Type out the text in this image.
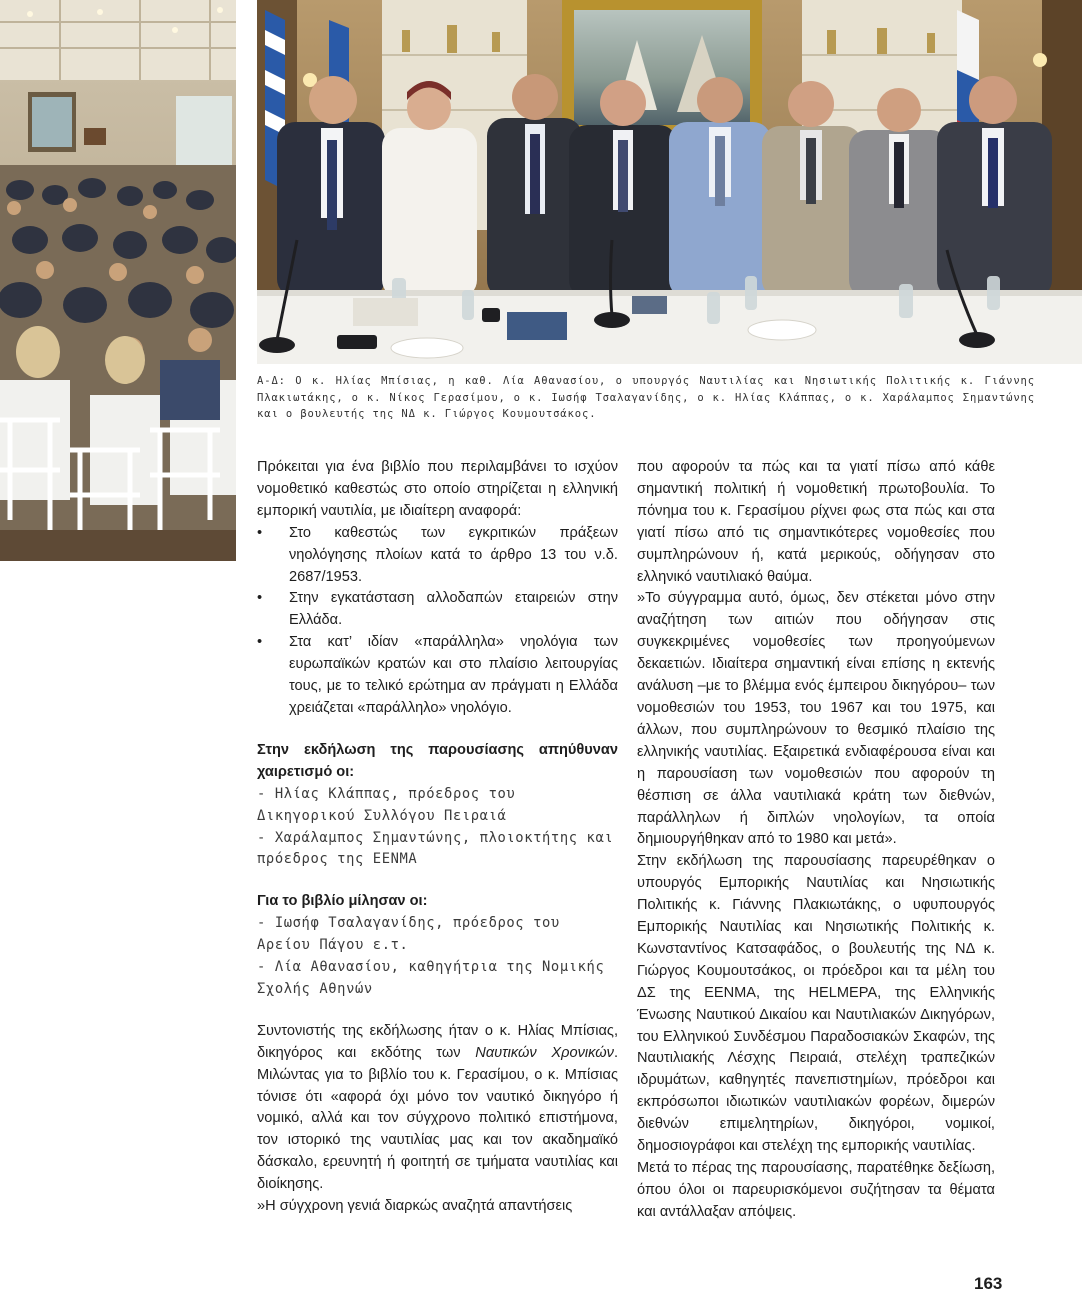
Α-Δ: Ο κ. Ηλίας Μπίσιας, η καθ. Λία Αθανασίου, ο υπουργός Ναυτιλίας και Νησιωτικής Πολιτικής κ. Γιάννης Πλακιωτάκης, ο κ. Νίκος Γερασίμου, ο κ. Ιωσήφ Τσαλαγανίδης, ο κ. Ηλίας Κλάππας, ο κ. Χαράλαμπος Σημαντώνης και ο βουλευτής της ΝΔ κ. Γιώργος Κουμουτσάκος.

Πρόκειται για ένα βιβλίο που περιλαμβάνει το ισχύον νομοθετικό καθεστώς στο οποίο στηρίζεται η ελληνική εμπορική ναυτιλία, με ιδιαίτερη αναφορά:

• Στο καθεστώς των εγκριτικών πράξεων νηολόγησης πλοίων κατά το άρθρο 13 του ν.δ. 2687/1953.
• Στην εγκατάσταση αλλοδαπών εταιρειών στην Ελλάδα.
• Στα κατ’ ιδίαν «παράλληλα» νηολόγια των ευρωπαϊκών κρατών και στο πλαίσιο λειτουργίας τους, με το τελικό ερώτημα αν πράγματι η Ελλάδα χρειάζεται «παράλληλο» νηολόγιο.

Στην εκδήλωση της παρουσίασης απηύθυναν χαιρετισμό οι:

- Ηλίας Κλάππας, πρόεδρος του Δικηγορικού Συλλόγου Πειραιά

- Χαράλαμπος Σημαντώνης, πλοιοκτήτης και πρόεδρος της ΕΕΝΜΑ

Για το βιβλίο μίλησαν οι:

- Ιωσήφ Τσαλαγανίδης, πρόεδρος του Αρείου Πάγου ε.τ.

- Λία Αθανασίου, καθηγήτρια της Νομικής Σχολής Αθηνών

Συντονιστής της εκδήλωσης ήταν ο κ. Ηλίας Μπίσιας, δικηγόρος και εκδότης των Ναυτικών Χρονικών. Μιλώντας για το βιβλίο του κ. Γερασίμου, ο κ. Μπίσιας τόνισε ότι «αφορά όχι μόνο τον ναυτικό δικηγόρο ή νομικό, αλλά και τον σύγχρονο πολιτικό επιστήμονα, τον ιστορικό της ναυτιλίας μας και τον ακαδημαϊκό δάσκαλο, ερευνητή ή φοιτητή σε τμήματα ναυτιλίας και διοίκησης.

»Η σύγχρονη γενιά διαρκώς αναζητά απαντήσεις

που αφορούν τα πώς και τα γιατί πίσω από κάθε σημαντική πολιτική ή νομοθετική πρωτοβουλία. Το πόνημα του κ. Γερασίμου ρίχνει φως στα πώς και στα γιατί πίσω από τις σημαντικότερες νομοθεσίες που συμπληρώνουν ή, κατά μερικούς, οδήγησαν στο ελληνικό ναυτιλιακό θαύμα.

»Το σύγγραμμα αυτό, όμως, δεν στέκεται μόνο στην αναζήτηση των αιτιών που οδήγησαν στις συγκεκριμένες νομοθεσίες των προηγούμενων δεκαετιών. Ιδιαίτερα σημαντική είναι επίσης η εκτενής ανάλυση –με το βλέμμα ενός έμπειρου δικηγόρου– των νομοθεσιών του 1953, του 1967 και του 1975, και άλλων, που συμπληρώνουν το θεσμικό πλαίσιο της ελληνικής ναυτιλίας. Εξαιρετικά ενδιαφέρουσα είναι και η παρουσίαση των νομοθεσιών που αφορούν τη θέσπιση σε άλλα ναυτιλιακά κράτη των διεθνών, παράλληλων ή διπλών νηολογίων, τα οποία δημιουργήθηκαν από το 1980 και μετά».

Στην εκδήλωση της παρουσίασης παρευρέθηκαν ο υπουργός Εμπορικής Ναυτιλίας και Νησιωτικής Πολιτικής κ. Γιάννης Πλακιωτάκης, ο υφυπουργός Εμπορικής Ναυτιλίας και Νησιωτικής Πολιτικής κ. Κωνσταντίνος Κατσαφάδος, ο βουλευτής της ΝΔ κ. Γιώργος Κουμουτσάκος, οι πρόεδροι και τα μέλη του ΔΣ της ΕΕΝΜΑ, της HELMEPA, της Ελληνικής Ένωσης Ναυτικού Δικαίου και Ναυτιλιακών Δικηγόρων, του Ελληνικού Συνδέσμου Παραδοσιακών Σκαφών, της Ναυτιλιακής Λέσχης Πειραιά, στελέχη τραπεζικών ιδρυμάτων, καθηγητές πανεπιστημίων, πρόεδροι και εκπρόσωποι ιδιωτικών ναυτιλιακών φορέων, διμερών διεθνών επιμελητηρίων, δικηγόροι, νομικοί, δημοσιογράφοι και στελέχη της εμπορικής ναυτιλίας.

Μετά το πέρας της παρουσίασης, παρατέθηκε δεξίωση, όπου όλοι οι παρευρισκόμενοι συζήτησαν τα θέματα και αντάλλαξαν απόψεις.

163
